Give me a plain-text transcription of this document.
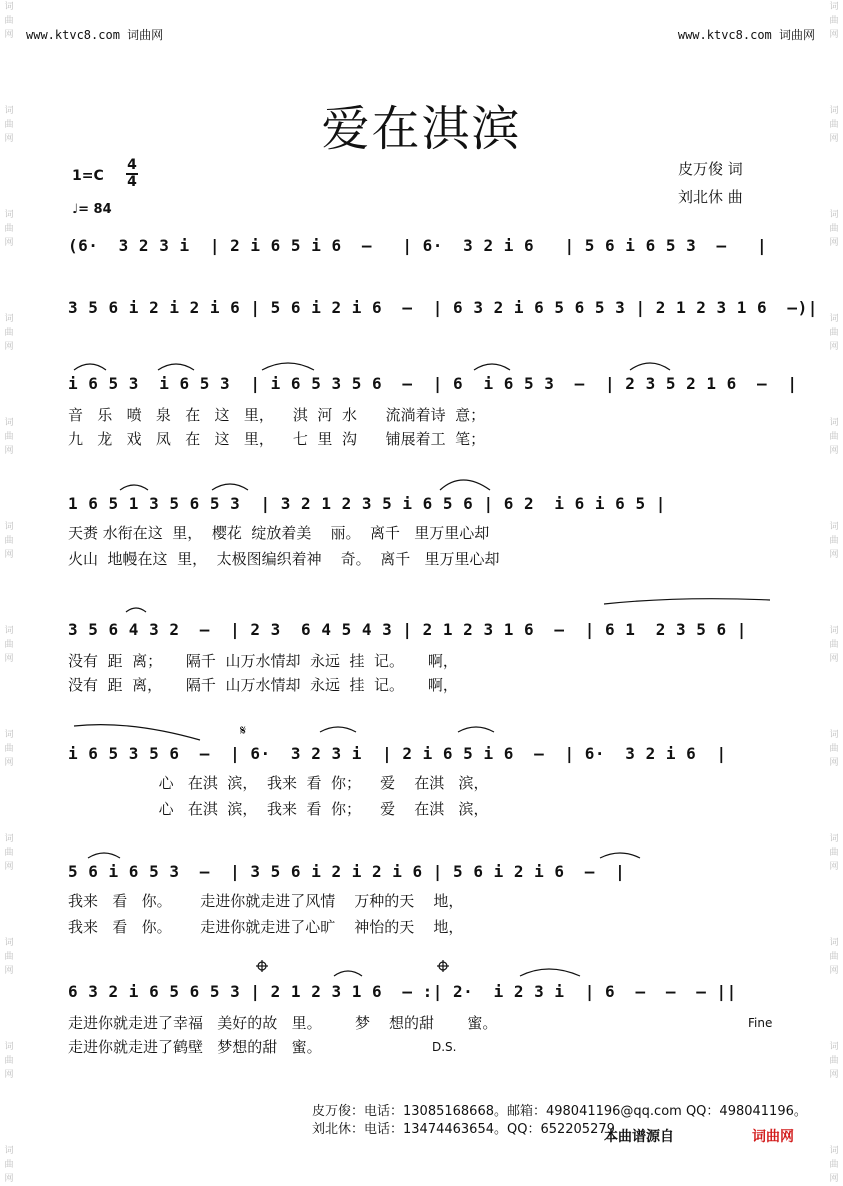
词 曲 网
词 曲 网
词 曲 网
词 曲 网
词 曲 网
词 曲 网
词 曲 网
词 曲 网
词 曲 网
词 曲 网
词 曲 网
词 曲 网
词 曲 网
词 曲 网
词 曲 网
词 曲 网
词 曲 网
词 曲 网
词 曲 网
词 曲 网
词 曲 网
词 曲 网
词 曲 网
词 曲 网
www.ktvc8.com 词曲网	www.ktvc8.com 词曲网
爱在淇滨
1=C
4
4
♩= 84
皮万俊 词
刘北休 曲
(6·  3 2 3 i  | 2 i 6 5 i 6  –   | 6·  3 2 i 6   | 5 6 i 6 5 3  –   |
3 5 6 i 2 i 2 i 6 | 5 6 i 2 i 6  –  | 6 3 2 i 6 5 6 5 3 | 2 1 2 3 1 6  –)|
i 6 5 3  i 6 5 3  | i 6 5 3 5 6  –  | 6  i 6 5 3  –  | 2 3 5 2 1 6  –  |
音   乐   喷   泉   在   这   里，    淇  河  水      流淌着诗  意；
九   龙   戏   凤   在   这   里，    七  里  沟      铺展着工  笔；
1 6 5 1 3 5 6 5 3  | 3 2 1 2 3 5 i 6 5 6 | 6 2  i 6 i 6 5 |
天赉 水衔在这  里，  樱花  绽放着美    丽。  离千   里万里心却
火山  地幔在这  里，  太极图编织着神    奇。  离千   里万里心却
3 5 6 4 3 2  –  | 2 3  6 4 5 4 3 | 2 1 2 3 1 6  –  | 6 1  2 3 5 6 |
没有  距  离；     隔千  山万水情却  永远  挂  记。     啊，
没有  距  离，     隔千  山万水情却  永远  挂  记。     啊，
i 6 5 3 5 6  –  | 6·  3 2 3 i  | 2 i 6 5 i 6  –  | 6·  3 2 i 6  |
心   在淇  滨，  我来  看  你；    爱    在淇   滨，
心   在淇  滨，  我来  看  你；    爱    在淇   滨，
5 6 i 6 5 3  –  | 3 5 6 i 2 i 2 i 6 | 5 6 i 2 i 6  –  |
我来   看   你。      走进你就走进了风情    万种的天    地，
我来   看   你。      走进你就走进了心旷    神怡的天    地，
6 3 2 i 6 5 6 5 3 | 2 1 2 3 1 6  – :| 2·  i 2 3 i  | 6  –  –  – ||
走进你就走进了幸福   美好的故   里。       梦    想的甜       蜜。
走进你就走进了鹤壁   梦想的甜   蜜。
Fine
D.S.
𝄋
皮万俊：电话：13085168668。邮箱：498041196@qq.com QQ：498041196。
刘北休：电话：13474463654。QQ：652205279
本曲谱源自	词曲网
